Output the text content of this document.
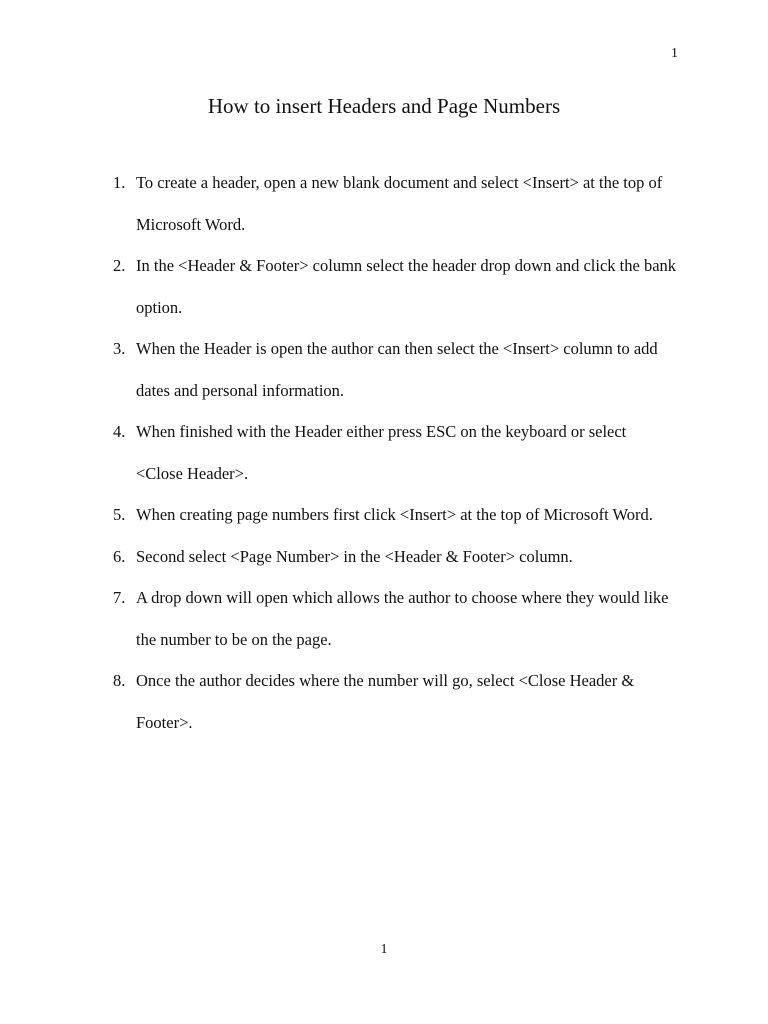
1
How to insert Headers and Page Numbers
1. To create a header, open a new blank document and select <Insert> at the top of Microsoft Word.
2. In the <Header & Footer> column select the header drop down and click the bank option.
3. When the Header is open the author can then select the <Insert> column to add dates and personal information.
4. When finished with the Header either press ESC on the keyboard or select <Close Header>.
5. When creating page numbers first click <Insert> at the top of Microsoft Word.
6. Second select <Page Number> in the <Header & Footer> column.
7. A drop down will open which allows the author to choose where they would like the number to be on the page.
8. Once the author decides where the number will go, select <Close Header & Footer>.
1
